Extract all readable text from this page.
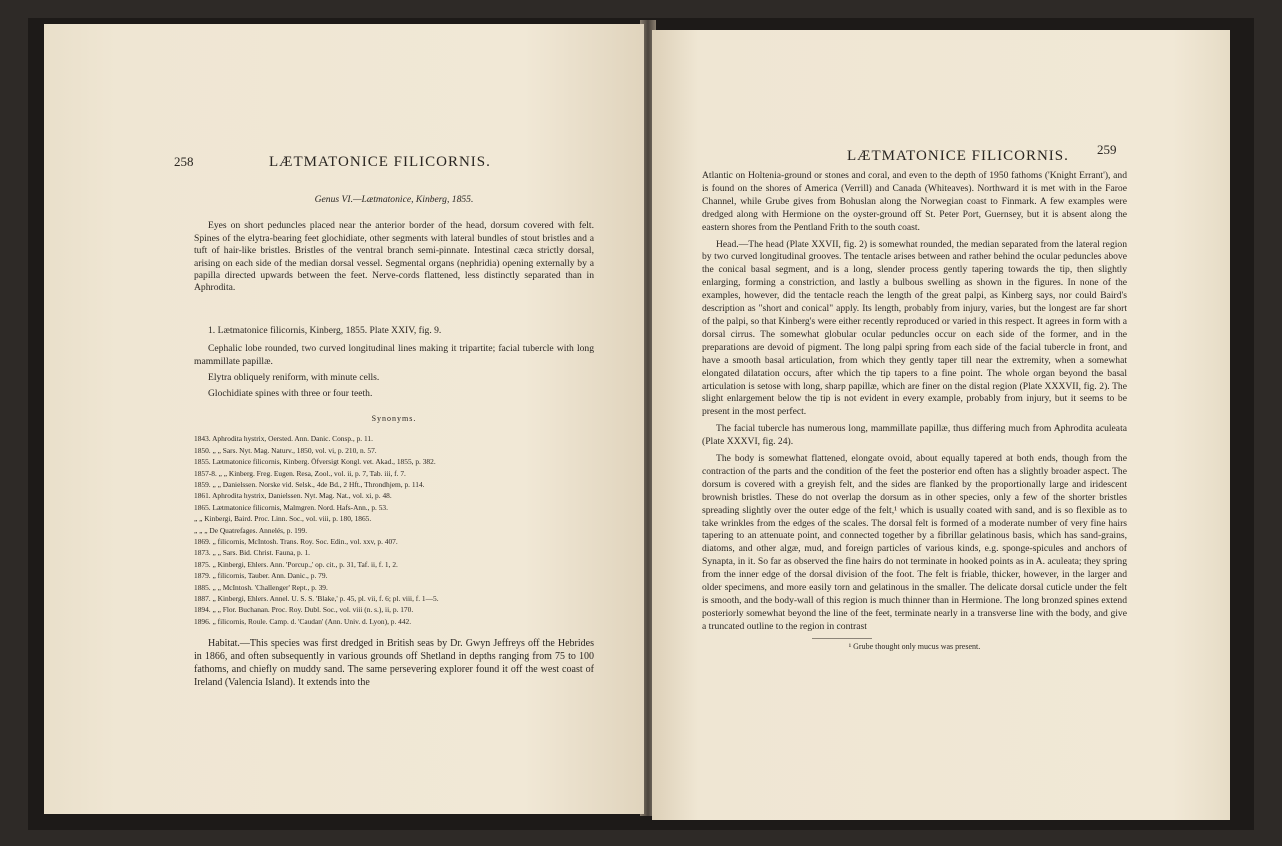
258	LÆTMATONICE FILICORNIS.
Genus VI.—Lætmatonice, Kinberg, 1855.

Eyes on short peduncles placed near the anterior border of the head, dorsum covered with felt. Spines of the elytra-bearing feet glochidiate, other segments with lateral bundles of stout bristles and a tuft of hair-like bristles. Bristles of the ventral branch semi-pinnate. Intestinal cæca strictly dorsal, arising on each side of the median dorsal vessel. Segmental organs (nephridia) opening externally by a papilla directed upwards between the feet. Nerve-cords flattened, less distinctly separated than in Aphrodita.

1. Lætmatonice filicornis, Kinberg, 1855. Plate XXIV, fig. 9.

Cephalic lobe rounded, two curved longitudinal lines making it tripartite; facial tubercle with long mammillate papillæ.

Elytra obliquely reniform, with minute cells.

Glochidiate spines with three or four teeth.

Synonyms.
1843. Aphrodita hystrix, Oersted. Ann. Danic. Consp., p. 11.
1850. „ „ Sars. Nyt. Mag. Naturv., 1850, vol. vi, p. 210, n. 57.
1855. Lætmatonice filicornis, Kinberg. Öfversigt Kongl. vet. Akad., 1855, p. 382.
1857-8. „ „ Kinberg. Freg. Eugen. Resa, Zool., vol. ii, p. 7, Tab. iii, f. 7.
1859. „ „ Danielssen. Norske vid. Selsk., 4de Bd., 2 Hft., Throndhjem, p. 114.
1861. Aphrodita hystrix, Danielssen. Nyt. Mag. Nat., vol. xi, p. 48.
1865. Lætmatonice filicornis, Malmgren. Nord. Hafs-Ann., p. 53.
„ „ Kinbergi, Baird. Proc. Linn. Soc., vol. viii, p. 180, 1865.
„ „ „ De Quatrefages. Annelés, p. 199.
1869. „ filicornis, McIntosh. Trans. Roy. Soc. Edin., vol. xxv, p. 407.
1873. „ „ Sars. Bid. Christ. Fauna, p. 1.
1875. „ Kinbergi, Ehlers. Ann. 'Porcup.,' op. cit., p. 31, Taf. ii, f. 1, 2.
1879. „ filicornis, Tauber. Ann. Danic., p. 79.
1885. „ „ McIntosh. 'Challenger' Rept., p. 39.
1887. „ Kinbergi, Ehlers. Annel. U. S. S. 'Blake,' p. 45, pl. vii, f. 6; pl. viii, f. 1—5.
1894. „ „ Flor. Buchanan. Proc. Roy. Dubl. Soc., vol. viii (n. s.), ii, p. 170.
1896. „ filicornis, Roule. Camp. d. 'Caudan' (Ann. Univ. d. Lyon), p. 442.

Habitat.—This species was first dredged in British seas by Dr. Gwyn Jeffreys off the Hebrides in 1866, and often subsequently in various grounds off Shetland in depths ranging from 75 to 100 fathoms, and chiefly on muddy sand. The same persevering explorer found it off the west coast of Ireland (Valencia Island). It extends into the

LÆTMATONICE FILICORNIS. 259

Atlantic on Holtenia-ground or stones and coral, and even to the depth of 1950 fathoms ('Knight Errant'), and is found on the shores of America (Verrill) and Canada (Whiteaves). Northward it is met with in the Faroe Channel, while Grube gives from Bohuslan along the Norwegian coast to Finmark. A few examples were dredged along with Hermione on the oyster-ground off St. Peter Port, Guernsey, but it is absent along the eastern shores from the Pentland Frith to the south coast.

Head.—The head (Plate XXVII, fig. 2) is somewhat rounded, the median separated from the lateral region by two curved longitudinal grooves. The tentacle arises between and rather behind the ocular peduncles above the conical basal segment, and is a long, slender process gently tapering towards the tip, then slightly enlarging, forming a constriction, and lastly a bulbous swelling as shown in the figures. In none of the examples, however, did the tentacle reach the length of the great palpi, as Kinberg says, nor could Baird's description as "short and conical" apply. Its length, probably from injury, varies, but the longest are far short of the palpi, so that Kinberg's were either recently reproduced or varied in this respect. It agrees in form with a dorsal cirrus. The somewhat globular ocular peduncles occur on each side of the former, and in the preparations are devoid of pigment. The long palpi spring from each side of the facial tubercle in front, and have a smooth basal articulation, from which they gently taper till near the extremity, when a somewhat elongated dilatation occurs, after which the tip tapers to a fine point. The whole organ beyond the basal articulation is setose with long, sharp papillæ, which are finer on the distal region (Plate XXXVII, fig. 2). The slight enlargement below the tip is not evident in every example, probably from injury, but it seems to be present in the most perfect.

The facial tubercle has numerous long, mammillate papillæ, thus differing much from Aphrodita aculeata (Plate XXXVI, fig. 24).

The body is somewhat flattened, elongate ovoid, about equally tapered at both ends, though from the contraction of the parts and the condition of the feet the posterior end often has a slightly broader aspect. The dorsum is covered with a greyish felt, and the sides are flanked by the proportionally large and iridescent brownish bristles. These do not overlap the dorsum as in other species, only a few of the shorter bristles spreading slightly over the outer edge of the felt,¹ which is usually coated with sand, and is so flexible as to take wrinkles from the edges of the scales. The dorsal felt is formed of a moderate number of very fine hairs tapering to an attenuate point, and connected together by a fibrillar gelatinous basis, which has sand-grains, diatoms, and other algæ, mud, and foreign particles of various kinds, e.g. sponge-spicules and anchors of Synapta, in it. So far as observed the fine hairs do not terminate in hooked points as in A. aculeata; they spring from the inner edge of the dorsal division of the foot. The felt is friable, thicker, however, in the larger and older specimens, and more easily torn and gelatinous in the smaller. The delicate dorsal cuticle under the felt is smooth, and the body-wall of this region is much thinner than in Hermione. The long bronzed spines extend posteriorly somewhat beyond the line of the feet, terminate nearly in a transverse line with the body, and give a truncated outline to the region in contrast

¹ Grube thought only mucus was present.
